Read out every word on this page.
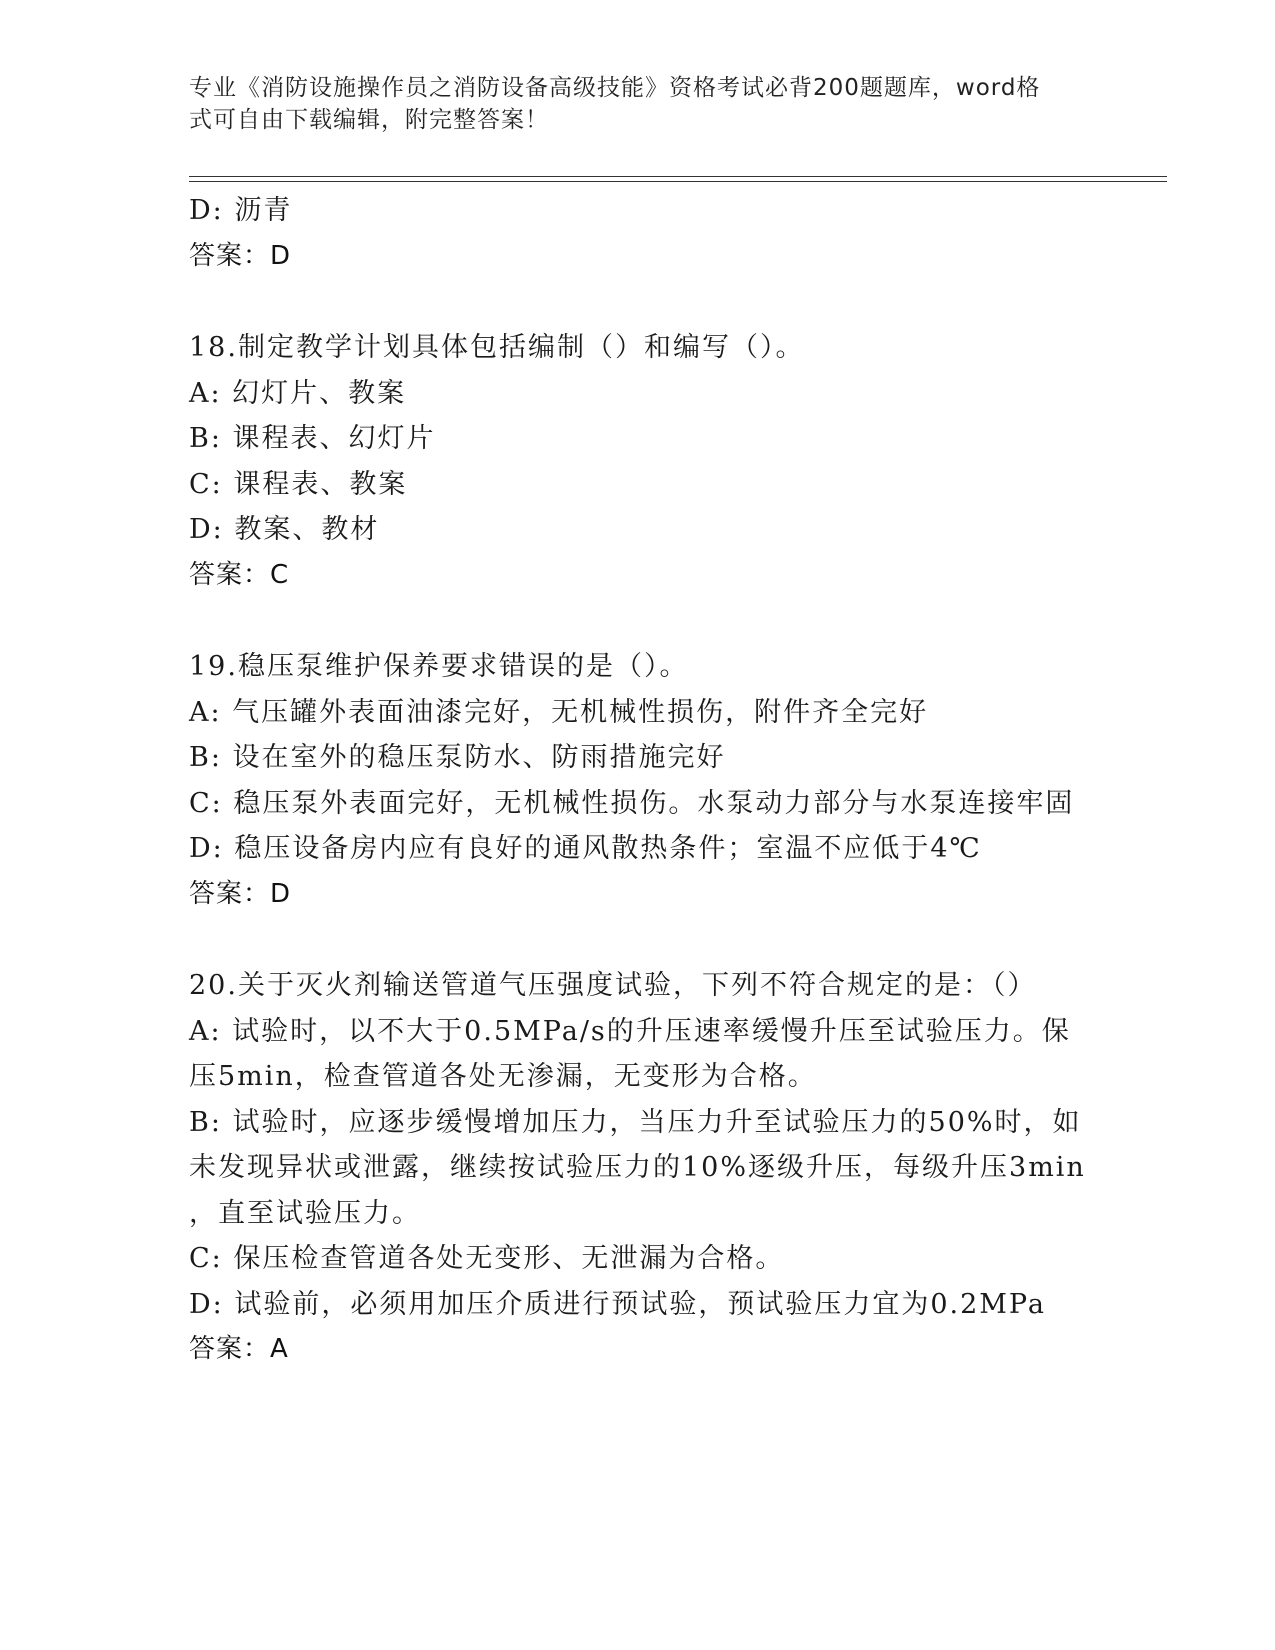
专业《消防设施操作员之消防设备高级技能》资格考试必背200题题库，word格
式可自由下载编辑，附完整答案！
D: 沥青
答案：D
18.制定教学计划具体包括编制（）和编写（）。
A: 幻灯片、教案
B: 课程表、幻灯片
C: 课程表、教案
D: 教案、教材
答案：C
19.稳压泵维护保养要求错误的是（）。
A: 气压罐外表面油漆完好，无机械性损伤，附件齐全完好
B: 设在室外的稳压泵防水、防雨措施完好
C: 稳压泵外表面完好，无机械性损伤。水泵动力部分与水泵连接牢固
D: 稳压设备房内应有良好的通风散热条件；室温不应低于4℃
答案：D
20.关于灭火剂输送管道气压强度试验，下列不符合规定的是：（）
A: 试验时，以不大于0.5MPa/s的升压速率缓慢升压至试验压力。保
压5min，检查管道各处无渗漏，无变形为合格。
B: 试验时，应逐步缓慢增加压力，当压力升至试验压力的50%时，如
未发现异状或泄露，继续按试验压力的10%逐级升压，每级升压3min
，直至试验压力。
C: 保压检查管道各处无变形、无泄漏为合格。
D: 试验前，必须用加压介质进行预试验，预试验压力宜为0.2MPa
答案：A
